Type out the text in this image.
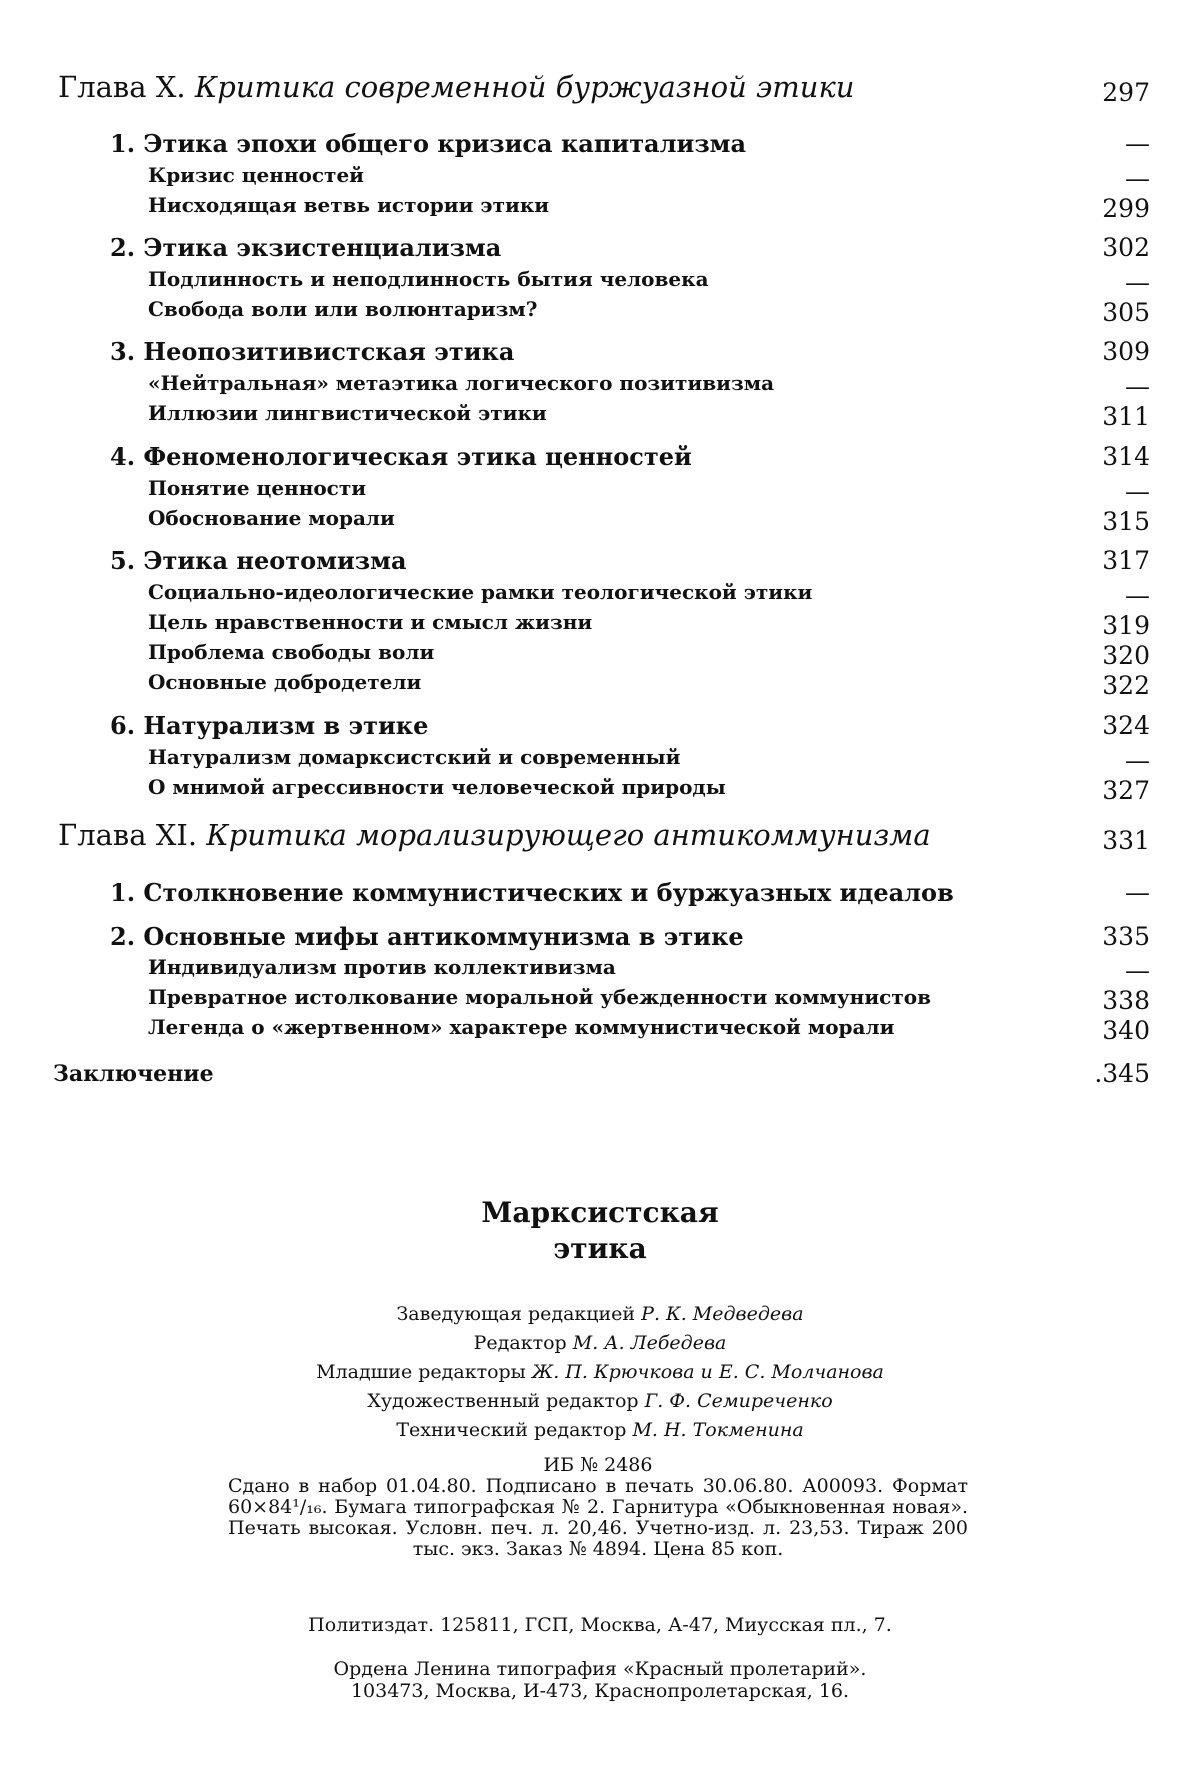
Глава X. Критика современной буржуазной этики	297
1. Этика эпохи общего кризиса капитализма	—
Кризис ценностей	—
Нисходящая ветвь истории этики	299
2. Этика экзистенциализма	302
Подлинность и неподлинность бытия человека	—
Свобода воли или волюнтаризм?	305
3. Неопозитивистская этика	309
«Нейтральная» метаэтика логического позитивизма	—
Иллюзии лингвистической этики	311
4. Феноменологическая этика ценностей	314
Понятие ценности	—
Обоснование морали	315
5. Этика неотомизма	317
Социально-идеологические рамки теологической этики	—
Цель нравственности и смысл жизни	319
Проблема свободы воли	320
Основные добродетели	322
6. Натурализм в этике	324
Натурализм домарксистский и современный	—
О мнимой агрессивности человеческой природы	327
Глава XI. Критика морализирующего антикоммунизма	331
1. Столкновение коммунистических и буржуазных идеалов	—
2. Основные мифы антикоммунизма в этике	335
Индивидуализм против коллективизма	—
Превратное истолкование моральной убежденности коммунистов	338
Легенда о «жертвенном» характере коммунистической морали	340
Заключение	.345
Марксистская
этика
Заведующая редакцией Р. К. Медведева
Редактор М. А. Лебедева
Младшие редакторы Ж. П. Крючкова и Е. С. Молчанова
Художественный редактор Г. Ф. Семиреченко
Технический редактор М. Н. Токменина
ИБ № 2486
Сдано в набор 01.04.80. Подписано в печать 30.06.80. А00093. Формат 60×84¹/₁₆. Бумага типографская № 2. Гарнитура «Обыкновенная новая». Печать высокая. Условн. печ. л. 20,46. Учетно-изд. л. 23,53. Тираж 200 тыс. экз. Заказ № 4894. Цена 85 коп.
Политиздат. 125811, ГСП, Москва, А-47, Миусская пл., 7.
Ордена Ленина типография «Красный пролетарий».
103473, Москва, И-473, Краснопролетарская, 16.
